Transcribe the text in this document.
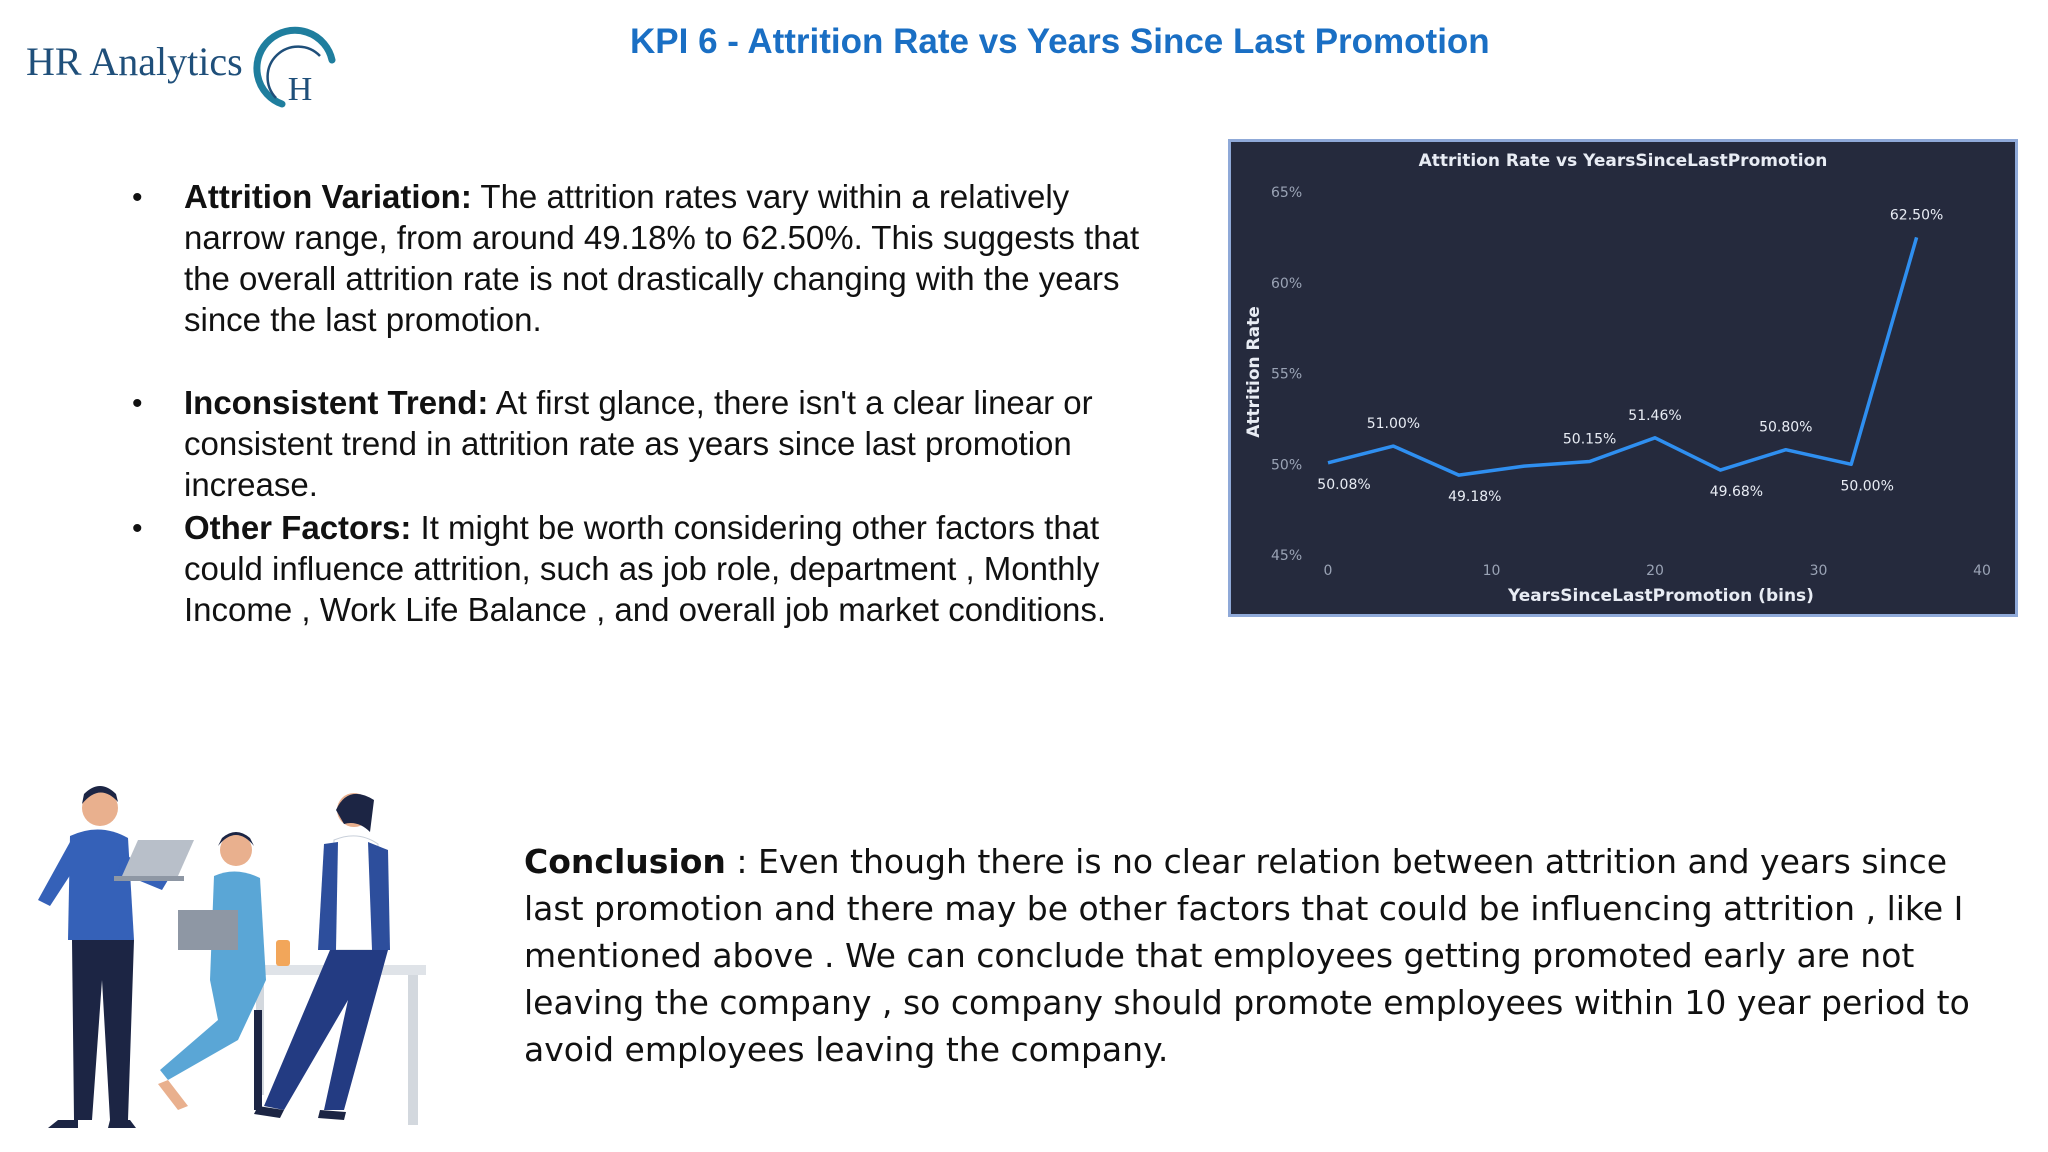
HR Analytics
H
KPI 6 - Attrition Rate vs Years Since Last Promotion
• Attrition Variation: The attrition rates vary within a relatively narrow range, from around 49.18% to 62.50%. This suggests that the overall attrition rate is not drastically changing with the years since the last promotion.
• Inconsistent Trend: At first glance, there isn't a clear linear or consistent trend in attrition rate as years since last promotion increase.
• Other Factors: It might be worth considering other factors that could influence attrition, such as job role, department , Monthly Income , Work Life Balance , and overall job market conditions.
Attrition Rate vs YearsSinceLastPromotion
YearsSinceLastPromotion (bins)
Attrition Rate
45%
50%
55%
60%
65%
0	10	20	30	40
50.08%
51.00%
49.18%
50.15%
51.46%
49.68%
50.80%
50.00%
62.50%
Conclusion : Even though there is no clear relation between attrition and years since last promotion and there may be other factors that could be influencing attrition , like I mentioned above . We can conclude that employees getting promoted early are not leaving the company , so company should promote employees within 10 year period to avoid employees leaving the company.
